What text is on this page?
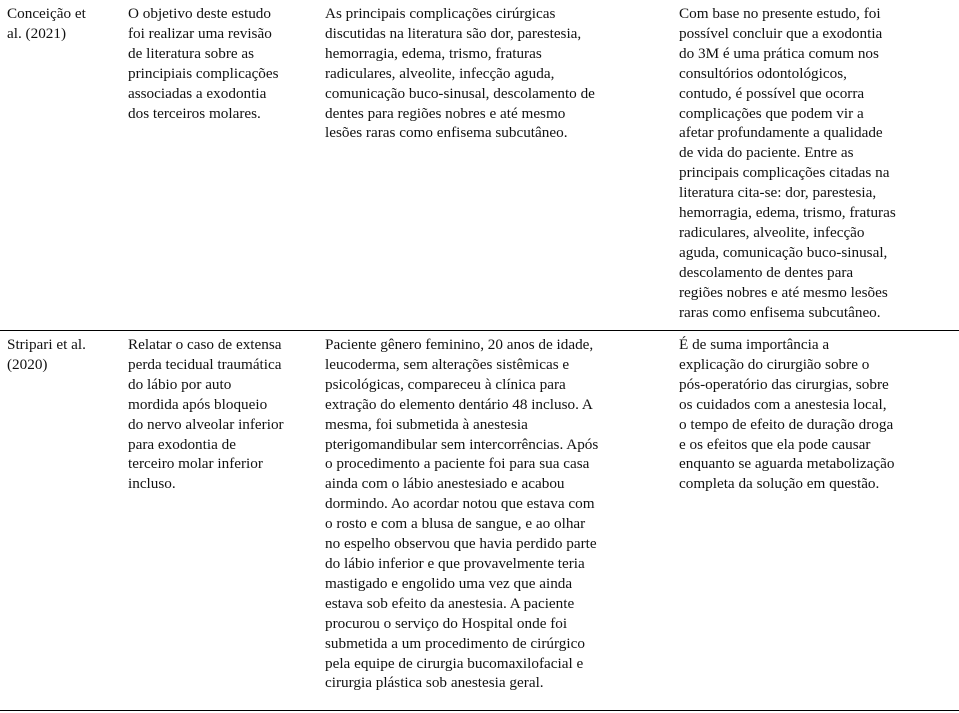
Conceição et
al. (2021)
O objetivo deste estudo
foi realizar uma revisão
de literatura sobre as
principiais complicações
associadas a exodontia
dos terceiros molares.
As principais complicações cirúrgicas
discutidas na literatura são dor, parestesia,
hemorragia, edema, trismo, fraturas
radiculares, alveolite, infecção aguda,
comunicação buco-sinusal, descolamento de
dentes para regiões nobres e até mesmo
lesões raras como enfisema subcutâneo.
Com base no presente estudo, foi
possível concluir que a exodontia
do 3M é uma prática comum nos
consultórios odontológicos,
contudo, é possível que ocorra
complicações que podem vir a
afetar profundamente a qualidade
de vida do paciente. Entre as
principais complicações citadas na
literatura cita-se: dor, parestesia,
hemorragia, edema, trismo, fraturas
radiculares, alveolite, infecção
aguda, comunicação buco-sinusal,
descolamento de dentes para
regiões nobres e até mesmo lesões
raras como enfisema subcutâneo.
Stripari et al.
(2020)
Relatar o caso de extensa
perda tecidual traumática
do lábio por auto
mordida após bloqueio
do nervo alveolar inferior
para exodontia de
terceiro molar inferior
incluso.
Paciente gênero feminino, 20 anos de idade,
leucoderma, sem alterações sistêmicas e
psicológicas, compareceu à clínica para
extração do elemento dentário 48 incluso. A
mesma, foi submetida à anestesia
pterigomandibular sem intercorrências. Após
o procedimento a paciente foi para sua casa
ainda com o lábio anestesiado e acabou
dormindo. Ao acordar notou que estava com
o rosto e com a blusa de sangue, e ao olhar
no espelho observou que havia perdido parte
do lábio inferior e que provavelmente teria
mastigado e engolido uma vez que ainda
estava sob efeito da anestesia. A paciente
procurou o serviço do Hospital onde foi
submetida a um procedimento de cirúrgico
pela equipe de cirurgia bucomaxilofacial e
cirurgia plástica sob anestesia geral.
É de suma importância a
explicação do cirurgião sobre o
pós-operatório das cirurgias, sobre
os cuidados com a anestesia local,
o tempo de efeito de duração droga
e os efeitos que ela pode causar
enquanto se aguarda metabolização
completa da solução em questão.
